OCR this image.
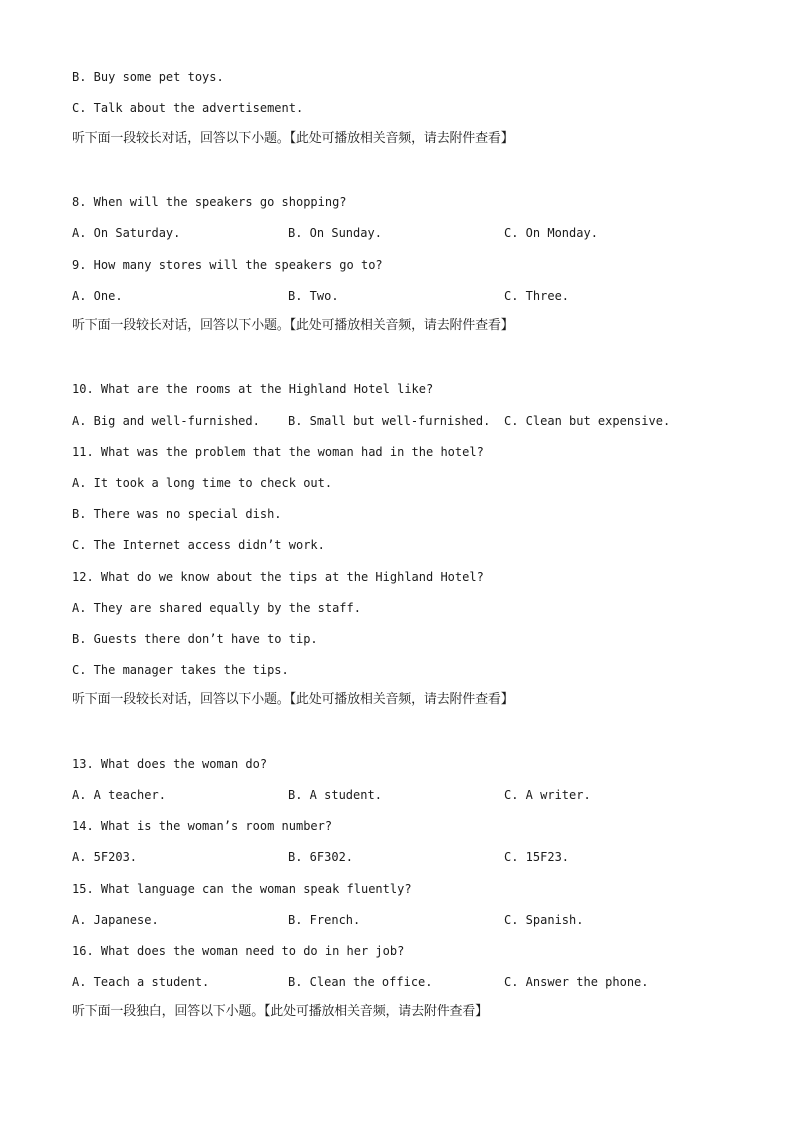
B. Buy some pet toys.
C. Talk about the advertisement.
听下面一段较长对话，回答以下小题。【此处可播放相关音频，请去附件查看】
8. When will the speakers go shopping?
A. On Saturday.	B. On Sunday.	C. On Monday.
9. How many stores will the speakers go to?
A. One.	B. Two.	C. Three.
听下面一段较长对话，回答以下小题。【此处可播放相关音频，请去附件查看】
10. What are the rooms at the Highland Hotel like?
A. Big and well-furnished. B. Small but well-furnished. C. Clean but expensive.
11. What was the problem that the woman had in the hotel?
A. It took a long time to check out.
B. There was no special dish.
C. The Internet access didn’t work.
12. What do we know about the tips at the Highland Hotel?
A. They are shared equally by the staff.
B. Guests there don’t have to tip.
C. The manager takes the tips.
听下面一段较长对话，回答以下小题。【此处可播放相关音频，请去附件查看】
13. What does the woman do?
A. A teacher.	B. A student.	C. A writer.
14. What is the woman’s room number?
A. 5F203.	B. 6F302.	C. 15F23.
15. What language can the woman speak fluently?
A. Japanese.	B. French.	C. Spanish.
16. What does the woman need to do in her job?
A. Teach a student.	B. Clean the office.	C. Answer the phone.
听下面一段独白，回答以下小题。【此处可播放相关音频，请去附件查看】
